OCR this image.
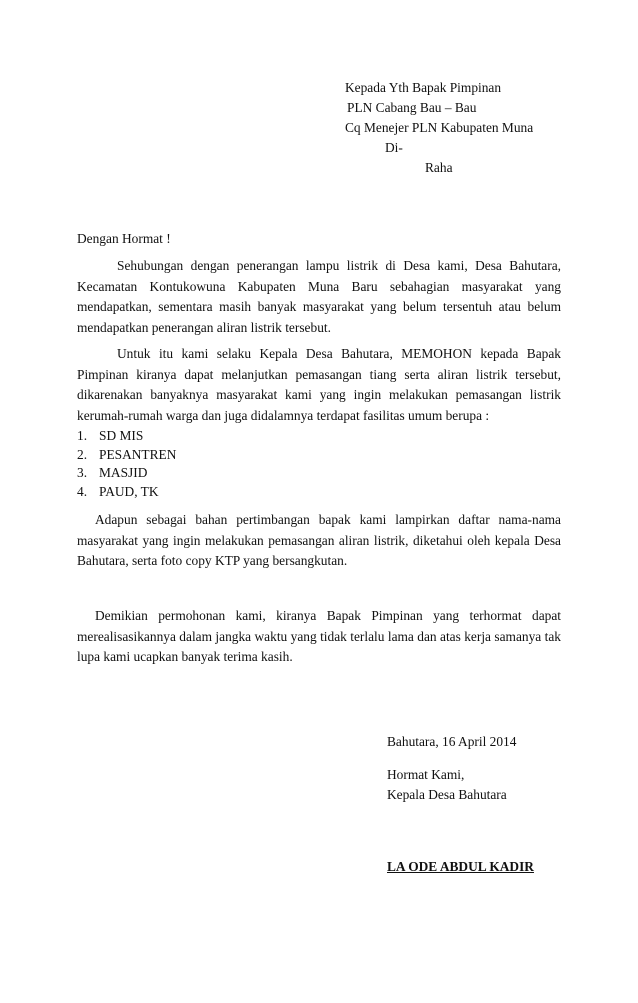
Kepada Yth Bapak Pimpinan
PLN Cabang Bau – Bau
Cq Menejer PLN Kabupaten Muna
Di-
Raha
Dengan Hormat !
Sehubungan dengan penerangan lampu listrik di Desa kami, Desa Bahutara, Kecamatan Kontukowuna Kabupaten Muna Baru sebahagian masyarakat yang mendapatkan, sementara masih banyak masyarakat yang belum tersentuh atau belum mendapatkan penerangan aliran listrik tersebut.
Untuk itu kami selaku Kepala Desa Bahutara, MEMOHON kepada Bapak Pimpinan kiranya dapat melanjutkan pemasangan tiang serta aliran listrik tersebut, dikarenakan banyaknya masyarakat kami yang ingin melakukan pemasangan listrik kerumah-rumah warga dan juga didalamnya terdapat fasilitas umum berupa :
1. SD MIS
2. PESANTREN
3. MASJID
4. PAUD, TK
Adapun sebagai bahan pertimbangan bapak kami lampirkan daftar nama-nama masyarakat yang ingin melakukan pemasangan aliran listrik, diketahui oleh kepala Desa Bahutara, serta foto copy KTP yang bersangkutan.
Demikian permohonan kami, kiranya Bapak Pimpinan yang terhormat dapat merealisasikannya dalam jangka waktu yang tidak terlalu lama dan atas kerja samanya tak lupa kami ucapkan banyak terima kasih.
Bahutara, 16 April 2014
Hormat Kami,
Kepala Desa Bahutara
LA ODE ABDUL KADIR
